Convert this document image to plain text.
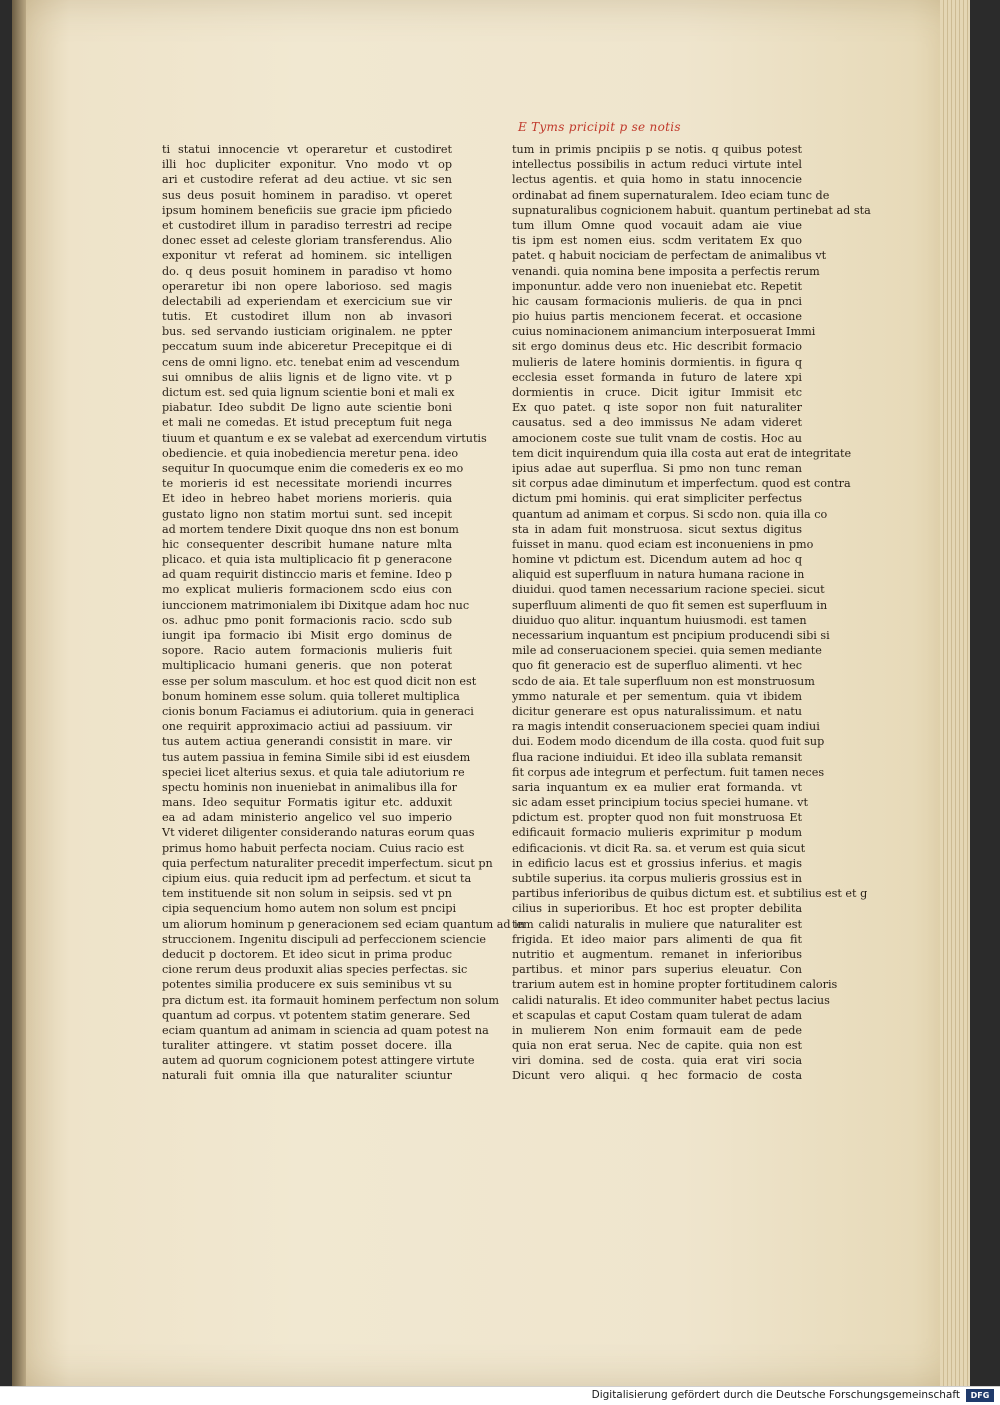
E Tyms pricipit p se notis
ti statui innocencie vt operaretur et custodiret
illi hoc dupliciter exponitur. Vno modo vt op
ari et custodire referat ad deu actiue. vt sic sen
sus deus posuit hominem in paradiso. vt operet
ipsum hominem beneficiis sue gracie ipm pficiedo
et custodiret illum in paradiso terrestri ad recipe
donec esset ad celeste gloriam transferendus. Alio
exponitur vt referat ad hominem. sic intelligen
do. q deus posuit hominem in paradiso vt homo
operaretur ibi non opere laborioso. sed magis
delectabili ad experiendam et exercicium sue vir
tutis. Et custodiret illum non ab invasori
bus. sed servando iusticiam originalem. ne ppter
peccatum suum inde abiceretur Precepitque ei di
cens de omni ligno. etc. tenebat enim ad vescendum
sui omnibus de aliis lignis et de ligno vite. vt p
dictum est. sed quia lignum scientie boni et mali ex
piabatur. Ideo subdit De ligno aute scientie boni
et mali ne comedas. Et istud preceptum fuit nega
tiuum et quantum e ex se valebat ad exercendum virtutis
obediencie. et quia inobediencia meretur pena. ideo
sequitur In quocumque enim die comederis ex eo mo
te morieris id est necessitate moriendi incurres
Et ideo in hebreo habet moriens morieris. quia
gustato ligno non statim mortui sunt. sed incepit
ad mortem tendere Dixit quoque dns non est bonum
hic consequenter describit humane nature mlta
plicaco. et quia ista multiplicacio fit p generacone
ad quam requirit distinccio maris et femine. Ideo p
mo explicat mulieris formacionem scdo eius con
iunccionem matrimonialem ibi Dixitque adam hoc nuc
os. adhuc pmo ponit formacionis racio. scdo sub
iungit ipa formacio ibi Misit ergo dominus de
sopore. Racio autem formacionis mulieris fuit
multiplicacio humani generis. que non poterat
esse per solum masculum. et hoc est quod dicit non est
bonum hominem esse solum. quia tolleret multiplica
cionis bonum Faciamus ei adiutorium. quia in generaci
one requirit approximacio actiui ad passiuum. vir
tus autem actiua generandi consistit in mare. vir
tus autem passiua in femina Simile sibi id est eiusdem
speciei licet alterius sexus. et quia tale adiutorium re
spectu hominis non inueniebat in animalibus illa for
mans. Ideo sequitur Formatis igitur etc. adduxit
ea ad adam ministerio angelico vel suo imperio
Vt videret diligenter considerando naturas eorum quas
primus homo habuit perfecta nociam. Cuius racio est
quia perfectum naturaliter precedit imperfectum. sicut pn
cipium eius. quia reducit ipm ad perfectum. et sicut ta
tem instituende sit non solum in seipsis. sed vt pn
cipia sequencium homo autem non solum est pncipi
um aliorum hominum p generacionem sed eciam quantum ad in
struccionem. Ingenitu discipuli ad perfeccionem sciencie
deducit p doctorem. Et ideo sicut in prima produc
cione rerum deus produxit alias species perfectas. sic
potentes similia producere ex suis seminibus vt su
pra dictum est. ita formauit hominem perfectum non solum
quantum ad corpus. vt potentem statim generare. Sed
eciam quantum ad animam in sciencia ad quam potest na
turaliter attingere. vt statim posset docere. illa
autem ad quorum cognicionem potest attingere virtute
naturali fuit omnia illa que naturaliter sciuntur
tum in primis pncipiis p se notis. q quibus potest
intellectus possibilis in actum reduci virtute intel
lectus agentis. et quia homo in statu innocencie
ordinabat ad finem supernaturalem. Ideo eciam tunc de
supnaturalibus cognicionem habuit. quantum pertinebat ad sta
tum illum Omne quod vocauit adam aie viue
tis ipm est nomen eius. scdm veritatem Ex quo
patet. q habuit nociciam de perfectam de animalibus vt
venandi. quia nomina bene imposita a perfectis rerum
imponuntur. adde vero non inueniebat etc. Repetit
hic causam formacionis mulieris. de qua in pnci
pio huius partis mencionem fecerat. et occasione
cuius nominacionem animancium interposuerat Immi
sit ergo dominus deus etc. Hic describit formacio
mulieris de latere hominis dormientis. in figura q
ecclesia esset formanda in futuro de latere xpi
dormientis in cruce. Dicit igitur Immisit etc
Ex quo patet. q iste sopor non fuit naturaliter
causatus. sed a deo immissus Ne adam videret
amocionem coste sue tulit vnam de costis. Hoc au
tem dicit inquirendum quia illa costa aut erat de integritate
ipius adae aut superflua. Si pmo non tunc reman
sit corpus adae diminutum et imperfectum. quod est contra
dictum pmi hominis. qui erat simpliciter perfectus
quantum ad animam et corpus. Si scdo non. quia illa co
sta in adam fuit monstruosa. sicut sextus digitus
fuisset in manu. quod eciam est inconueniens in pmo
homine vt pdictum est. Dicendum autem ad hoc q
aliquid est superfluum in natura humana racione in
diuidui. quod tamen necessarium racione speciei. sicut
superfluum alimenti de quo fit semen est superfluum in
diuiduo quo alitur. inquantum huiusmodi. est tamen
necessarium inquantum est pncipium producendi sibi si
mile ad conseruacionem speciei. quia semen mediante
quo fit generacio est de superfluo alimenti. vt hec
scdo de aia. Et tale superfluum non est monstruosum
ymmo naturale et per sementum. quia vt ibidem
dicitur generare est opus naturalissimum. et natu
ra magis intendit conseruacionem speciei quam indiui
dui. Eodem modo dicendum de illa costa. quod fuit sup
flua racione indiuidui. Et ideo illa sublata remansit
fit corpus ade integrum et perfectum. fuit tamen neces
saria inquantum ex ea mulier erat formanda. vt
sic adam esset principium tocius speciei humane. vt
pdictum est. propter quod non fuit monstruosa Et
edificauit formacio mulieris exprimitur p modum
edificacionis. vt dicit Ra. sa. et verum est quia sicut
in edificio lacus est et grossius inferius. et magis
subtile superius. ita corpus mulieris grossius est in
partibus inferioribus de quibus dictum est. et subtilius est et g
cilius in superioribus. Et hoc est propter debilita
tem calidi naturalis in muliere que naturaliter est
frigida. Et ideo maior pars alimenti de qua fit
nutritio et augmentum. remanet in inferioribus
partibus. et minor pars superius eleuatur. Con
trarium autem est in homine propter fortitudinem caloris
calidi naturalis. Et ideo communiter habet pectus lacius
et scapulas et caput Costam quam tulerat de adam
in mulierem Non enim formauit eam de pede
quia non erat serua. Nec de capite. quia non est
viri domina. sed de costa. quia erat viri socia
Dicunt vero aliqui. q hec formacio de costa
Digitalisierung gefördert durch die Deutsche Forschungsgemeinschaft	DFG
